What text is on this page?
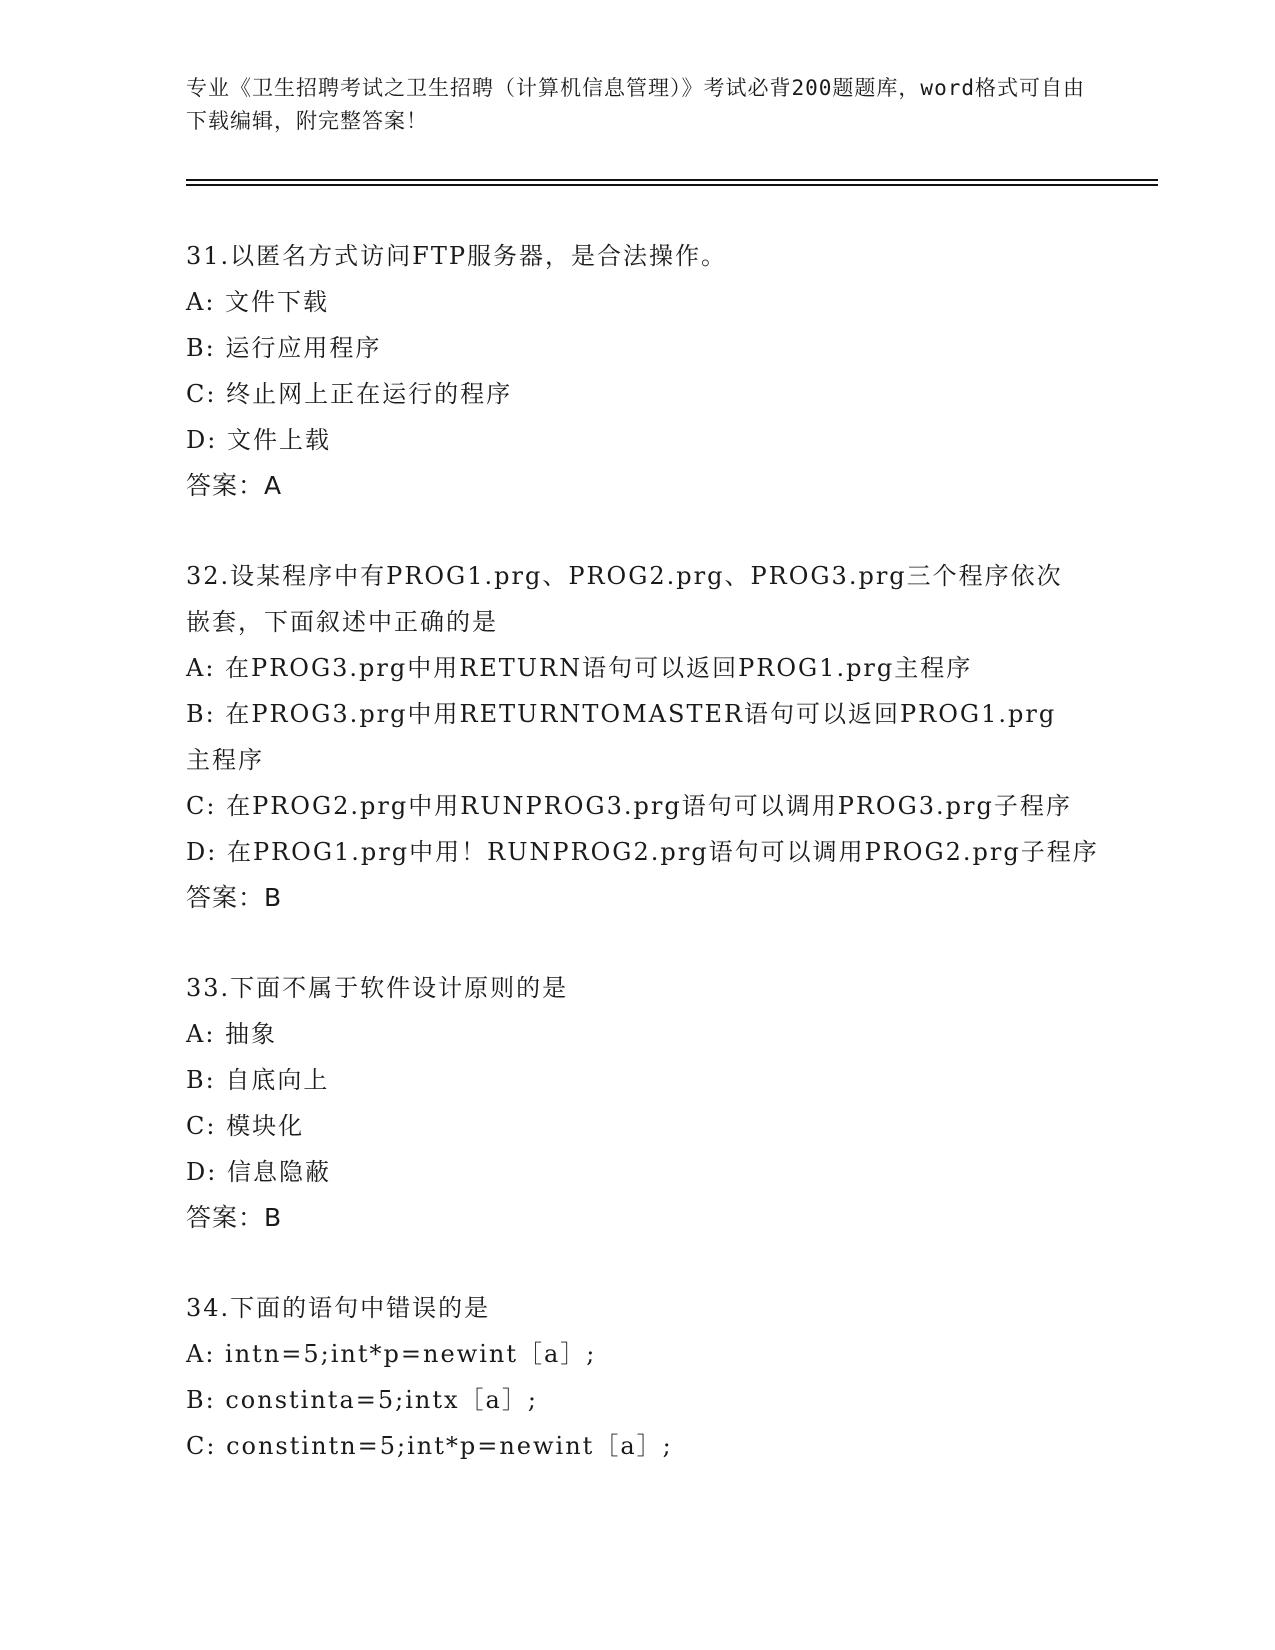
专业《卫生招聘考试之卫生招聘（计算机信息管理）》考试必背200题题库，word格式可自由下载编辑，附完整答案！
31.以匿名方式访问FTP服务器，是合法操作。
A: 文件下载
B: 运行应用程序
C: 终止网上正在运行的程序
D: 文件上载
答案：A
32.设某程序中有PROG1.prg、PROG2.prg、PROG3.prg三个程序依次嵌套，下面叙述中正确的是
A: 在PROG3.prg中用RETURN语句可以返回PROG1.prg主程序
B: 在PROG3.prg中用RETURNTOMASTER语句可以返回PROG1.prg主程序
C: 在PROG2.prg中用RUNPROG3.prg语句可以调用PROG3.prg子程序
D: 在PROG1.prg中用！RUNPROG2.prg语句可以调用PROG2.prg子程序
答案：B
33.下面不属于软件设计原则的是
A: 抽象
B: 自底向上
C: 模块化
D: 信息隐蔽
答案：B
34.下面的语句中错误的是
A: intn=5;int*p=newint［a］;
B: constinta=5;intx［a］;
C: constintn=5;int*p=newint［a］;
